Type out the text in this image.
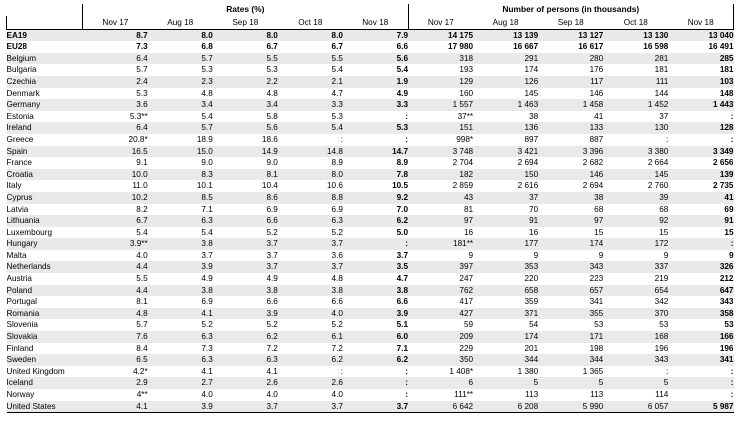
	Rates (%)					Number of persons (in thousands)				
	Nov 17	Aug 18	Sep 18	Oct 18	Nov 18	Nov 17	Aug 18	Sep 18	Oct 18	Nov 18
EA19	8.7	8.0	8.0	8.0	7.9	14 175	13 139	13 127	13 130	13 040
EU28	7.3	6.8	6.7	6.7	6.6	17 980	16 667	16 617	16 598	16 491
Belgium	6.4	5.7	5.5	5.5	5.6	318	291	280	281	285
Bulgaria	5.7	5.3	5.3	5.4	5.4	193	174	176	181	181
Czechia	2.4	2.3	2.2	2.1	1.9	129	126	117	111	103
Denmark	5.3	4.8	4.8	4.7	4.9	160	145	146	144	148
Germany	3.6	3.4	3.4	3.3	3.3	1 557	1 463	1 458	1 452	1 443
Estonia	5.3**	5.4	5.8	5.3	:	37**	38	41	37	:
Ireland	6.4	5.7	5.6	5.4	5.3	151	136	133	130	128
Greece	20.8*	18.9	18.6	:	:	998*	897	887	:	:
Spain	16.5	15.0	14.9	14.8	14.7	3 748	3 421	3 396	3 380	3 349
France	9.1	9.0	9.0	8.9	8.9	2 704	2 694	2 682	2 664	2 656
Croatia	10.0	8.3	8.1	8.0	7.8	182	150	146	145	139
Italy	11.0	10.1	10.4	10.6	10.5	2 859	2 616	2 694	2 760	2 735
Cyprus	10.2	8.5	8.6	8.8	9.2	43	37	38	39	41
Latvia	8.2	7.1	6.9	6.9	7.0	81	70	68	68	69
Lithuania	6.7	6.3	6.6	6.3	6.2	97	91	97	92	91
Luxembourg	5.4	5.4	5.2	5.2	5.0	16	16	15	15	15
Hungary	3.9**	3.8	3.7	3.7	:	181**	177	174	172	:
Malta	4.0	3.7	3.7	3.6	3.7	9	9	9	9	9
Netherlands	4.4	3.9	3.7	3.7	3.5	397	353	343	337	326
Austria	5.5	4.9	4.9	4.8	4.7	247	220	223	219	212
Poland	4.4	3.8	3.8	3.8	3.8	762	658	657	654	647
Portugal	8.1	6.9	6.6	6.6	6.6	417	359	341	342	343
Romania	4.8	4.1	3.9	4.0	3.9	427	371	355	370	358
Slovenia	5.7	5.2	5.2	5.2	5.1	59	54	53	53	53
Slovakia	7.6	6.3	6.2	6.1	6.0	209	174	171	168	166
Finland	8.4	7.3	7.2	7.2	7.1	229	201	198	196	196
Sweden	6.5	6.3	6.3	6.2	6.2	350	344	344	343	341
United Kingdom	4.2*	4.1	4.1	:	:	1 408*	1 380	1 365	:	:
Iceland	2.9	2.7	2.6	2.6	:	6	5	5	5	:
Norway	4**	4.0	4.0	4.0	:	111**	113	113	114	:
United States	4.1	3.9	3.7	3.7	3.7	6 642	6 208	5 990	6 057	5 987
